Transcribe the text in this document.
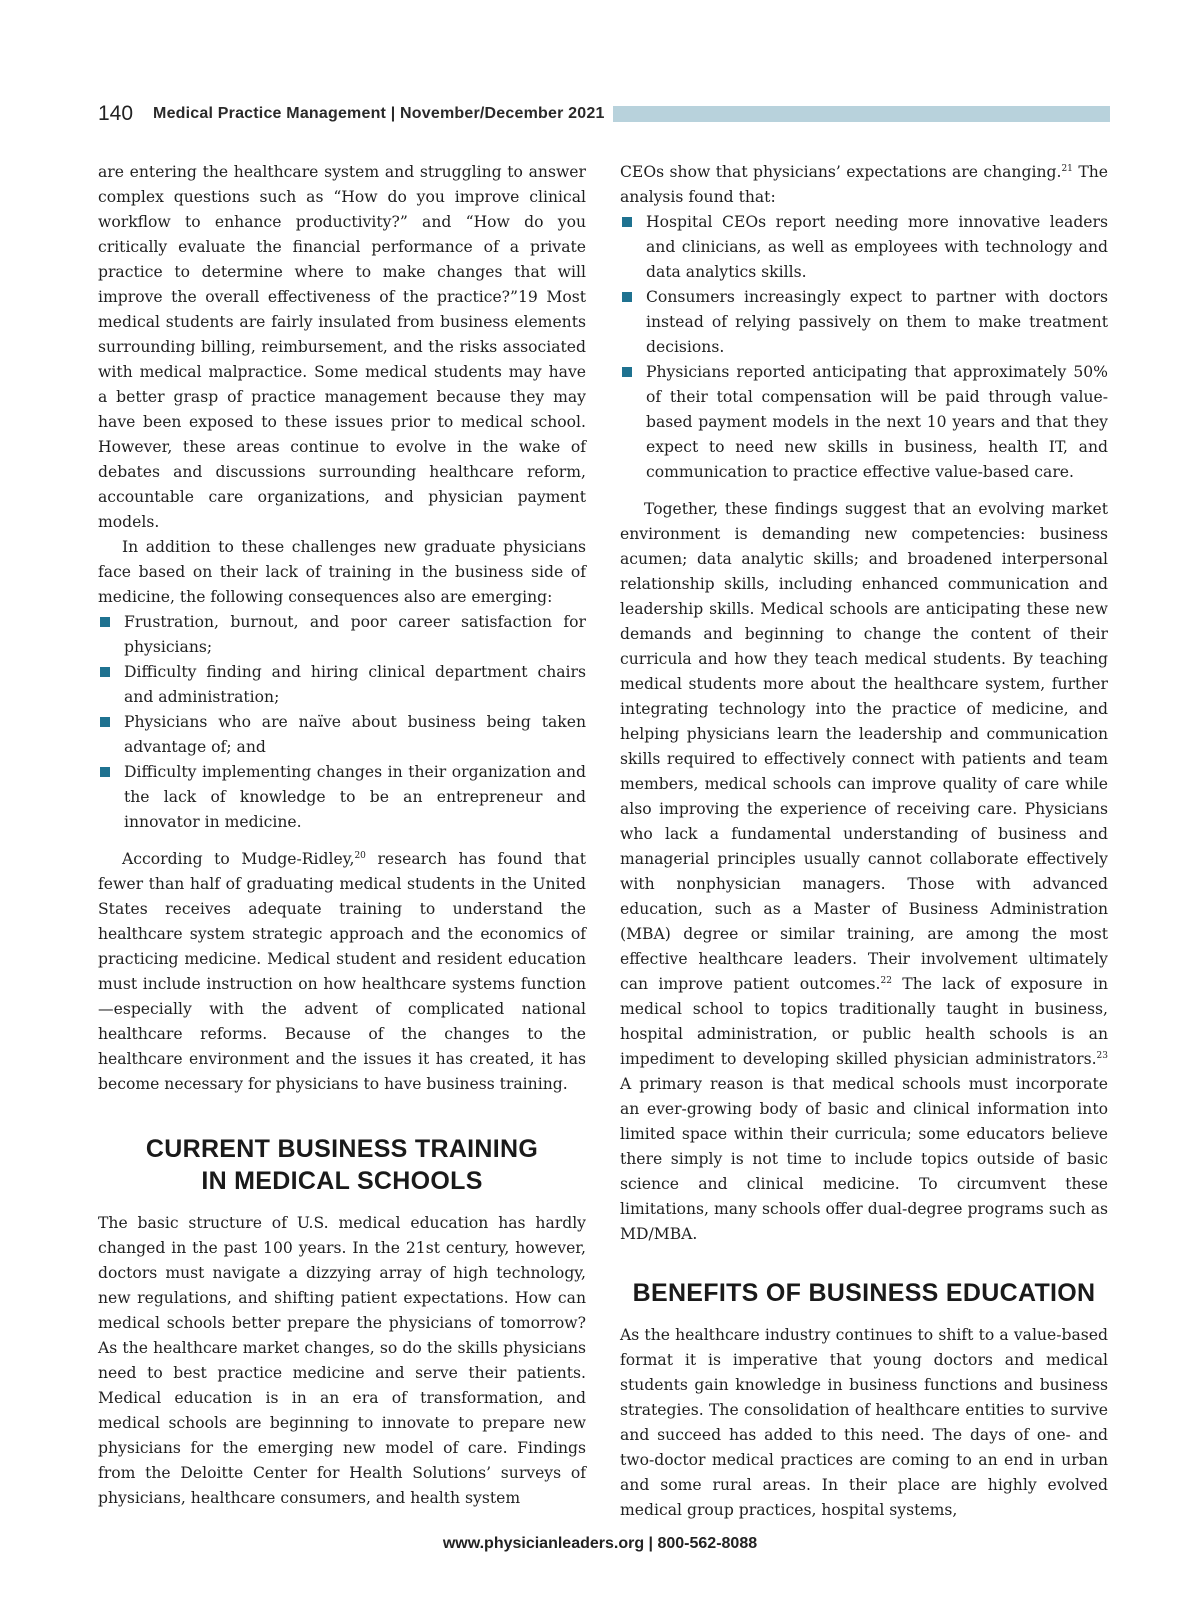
140 Medical Practice Management | November/December 2021

are entering the healthcare system and struggling to answer complex questions such as “How do you improve clinical workflow to enhance productivity?” and “How do you critically evaluate the financial performance of a private practice to determine where to make changes that will improve the overall effectiveness of the practice?”19 Most medical students are fairly insulated from business elements surrounding billing, reimbursement, and the risks associated with medical malpractice. Some medical students may have a better grasp of practice management because they may have been exposed to these issues prior to medical school. However, these areas continue to evolve in the wake of debates and discussions surrounding healthcare reform, accountable care organizations, and physician payment models.

In addition to these challenges new graduate physicians face based on their lack of training in the business side of medicine, the following consequences also are emerging:

Frustration, burnout, and poor career satisfaction for physicians;
Difficulty finding and hiring clinical department chairs and administration;
Physicians who are naïve about business being taken advantage of; and
Difficulty implementing changes in their organization and the lack of knowledge to be an entrepreneur and innovator in medicine.

According to Mudge-Ridley,$^{20}$ research has found that fewer than half of graduating medical students in the United States receives adequate training to understand the healthcare system strategic approach and the economics of practicing medicine. Medical student and resident education must include instruction on how healthcare systems function —especially with the advent of complicated national healthcare reforms. Because of the changes to the healthcare environment and the issues it has created, it has become necessary for physicians to have business training.

CURRENT BUSINESS TRAINING
IN MEDICAL SCHOOLS

The basic structure of U.S. medical education has hardly changed in the past 100 years. In the 21st century, however, doctors must navigate a dizzying array of high technology, new regulations, and shifting patient expectations. How can medical schools better prepare the physicians of tomorrow? As the healthcare market changes, so do the skills physicians need to best practice medicine and serve their patients. Medical education is in an era of transformation, and medical schools are beginning to innovate to prepare new physicians for the emerging new model of care. Findings from the Deloitte Center for Health Solutions’ surveys of physicians, healthcare consumers, and health system

CEOs show that physicians’ expectations are changing.$^{21}$ The analysis found that:

Hospital CEOs report needing more innovative leaders and clinicians, as well as employees with technology and data analytics skills.
Consumers increasingly expect to partner with doctors instead of relying passively on them to make treatment decisions.
Physicians reported anticipating that approximately 50% of their total compensation will be paid through value-based payment models in the next 10 years and that they expect to need new skills in business, health IT, and communication to practice effective value-based care.

Together, these findings suggest that an evolving market environment is demanding new competencies: business acumen; data analytic skills; and broadened interpersonal relationship skills, including enhanced communication and leadership skills. Medical schools are anticipating these new demands and beginning to change the content of their curricula and how they teach medical students. By teaching medical students more about the healthcare system, further integrating technology into the practice of medicine, and helping physicians learn the leadership and communication skills required to effectively connect with patients and team members, medical schools can improve quality of care while also improving the experience of receiving care. Physicians who lack a fundamental understanding of business and managerial principles usually cannot collaborate effectively with nonphysician managers. Those with advanced education, such as a Master of Business Administration (MBA) degree or similar training, are among the most effective healthcare leaders. Their involvement ultimately can improve patient outcomes.$^{22}$ The lack of exposure in medical school to topics traditionally taught in business, hospital administration, or public health schools is an impediment to developing skilled physician administrators.$^{23}$ A primary reason is that medical schools must incorporate an ever-growing body of basic and clinical information into limited space within their curricula; some educators believe there simply is not time to include topics outside of basic science and clinical medicine. To circumvent these limitations, many schools offer dual-degree programs such as MD/MBA.

BENEFITS OF BUSINESS EDUCATION

As the healthcare industry continues to shift to a value-based format it is imperative that young doctors and medical students gain knowledge in business functions and business strategies. The consolidation of healthcare entities to survive and succeed has added to this need. The days of one- and two-doctor medical practices are coming to an end in urban and some rural areas. In their place are highly evolved medical group practices, hospital systems,

www.physicianleaders.org | 800-562-8088
